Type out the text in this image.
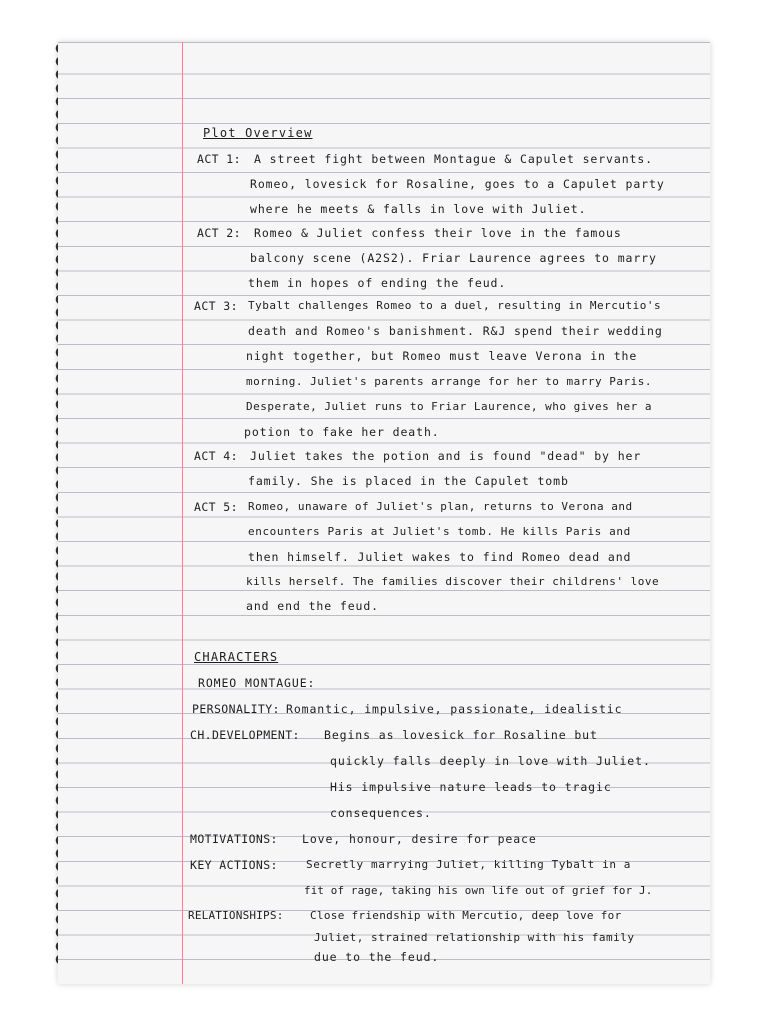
Plot Overview
ACT 1: A street fight between Montague & Capulet servants.
Romeo, lovesick for Rosaline, goes to a Capulet party
where he meets & falls in love with Juliet.
ACT 2: Romeo & Juliet confess their love in the famous
balcony scene (A2S2). Friar Laurence agrees to marry
them in hopes of ending the feud.
ACT 3: Tybalt challenges Romeo to a duel, resulting in Mercutio's
death and Romeo's banishment. R&J spend their wedding
night together, but Romeo must leave Verona in the
morning. Juliet's parents arrange for her to marry Paris.
Desperate, Juliet runs to Friar Laurence, who gives her a
potion to fake her death.
ACT 4: Juliet takes the potion and is found "dead" by her
family. She is placed in the Capulet tomb
ACT 5: Romeo, unaware of Juliet's plan, returns to Verona and
encounters Paris at Juliet's tomb. He kills Paris and
then himself. Juliet wakes to find Romeo dead and
kills herself. The families discover their childrens' love
and end the feud.
CHARACTERS
ROMEO MONTAGUE:
PERSONALITY: Romantic, impulsive, passionate, idealistic
CH.DEVELOPMENT: Begins as lovesick for Rosaline but
quickly falls deeply in love with Juliet.
His impulsive nature leads to tragic
consequences.
MOTIVATIONS: Love, honour, desire for peace
KEY ACTIONS:	Secretly marrying Juliet, killing Tybalt in a
fit of rage, taking his own life out of grief for J.
RELATIONSHIPS: Close friendship with Mercutio, deep love for
Juliet, strained relationship with his family
due to the feud.
